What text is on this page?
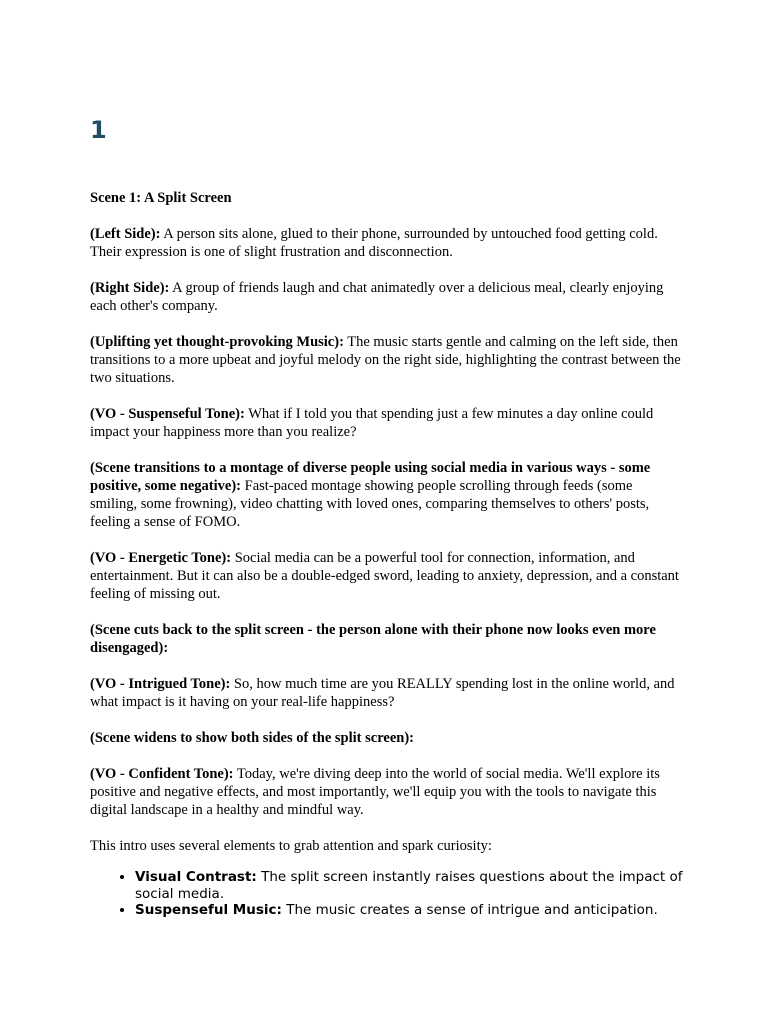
1

Scene 1: A Split Screen

(Left Side): A person sits alone, glued to their phone, surrounded by untouched food getting cold. Their expression is one of slight frustration and disconnection.

(Right Side): A group of friends laugh and chat animatedly over a delicious meal, clearly enjoying each other's company.

(Uplifting yet thought-provoking Music): The music starts gentle and calming on the left side, then transitions to a more upbeat and joyful melody on the right side, highlighting the contrast between the two situations.

(VO - Suspenseful Tone): What if I told you that spending just a few minutes a day online could impact your happiness more than you realize?

(Scene transitions to a montage of diverse people using social media in various ways - some positive, some negative): Fast-paced montage showing people scrolling through feeds (some smiling, some frowning), video chatting with loved ones, comparing themselves to others' posts, feeling a sense of FOMO.

(VO - Energetic Tone): Social media can be a powerful tool for connection, information, and entertainment. But it can also be a double-edged sword, leading to anxiety, depression, and a constant feeling of missing out.

(Scene cuts back to the split screen - the person alone with their phone now looks even more disengaged):

(VO - Intrigued Tone): So, how much time are you REALLY spending lost in the online world, and what impact is it having on your real-life happiness?

(Scene widens to show both sides of the split screen):

(VO - Confident Tone): Today, we're diving deep into the world of social media. We'll explore its positive and negative effects, and most importantly, we'll equip you with the tools to navigate this digital landscape in a healthy and mindful way.

This intro uses several elements to grab attention and spark curiosity:

• Visual Contrast: The split screen instantly raises questions about the impact of social media.
• Suspenseful Music: The music creates a sense of intrigue and anticipation.
